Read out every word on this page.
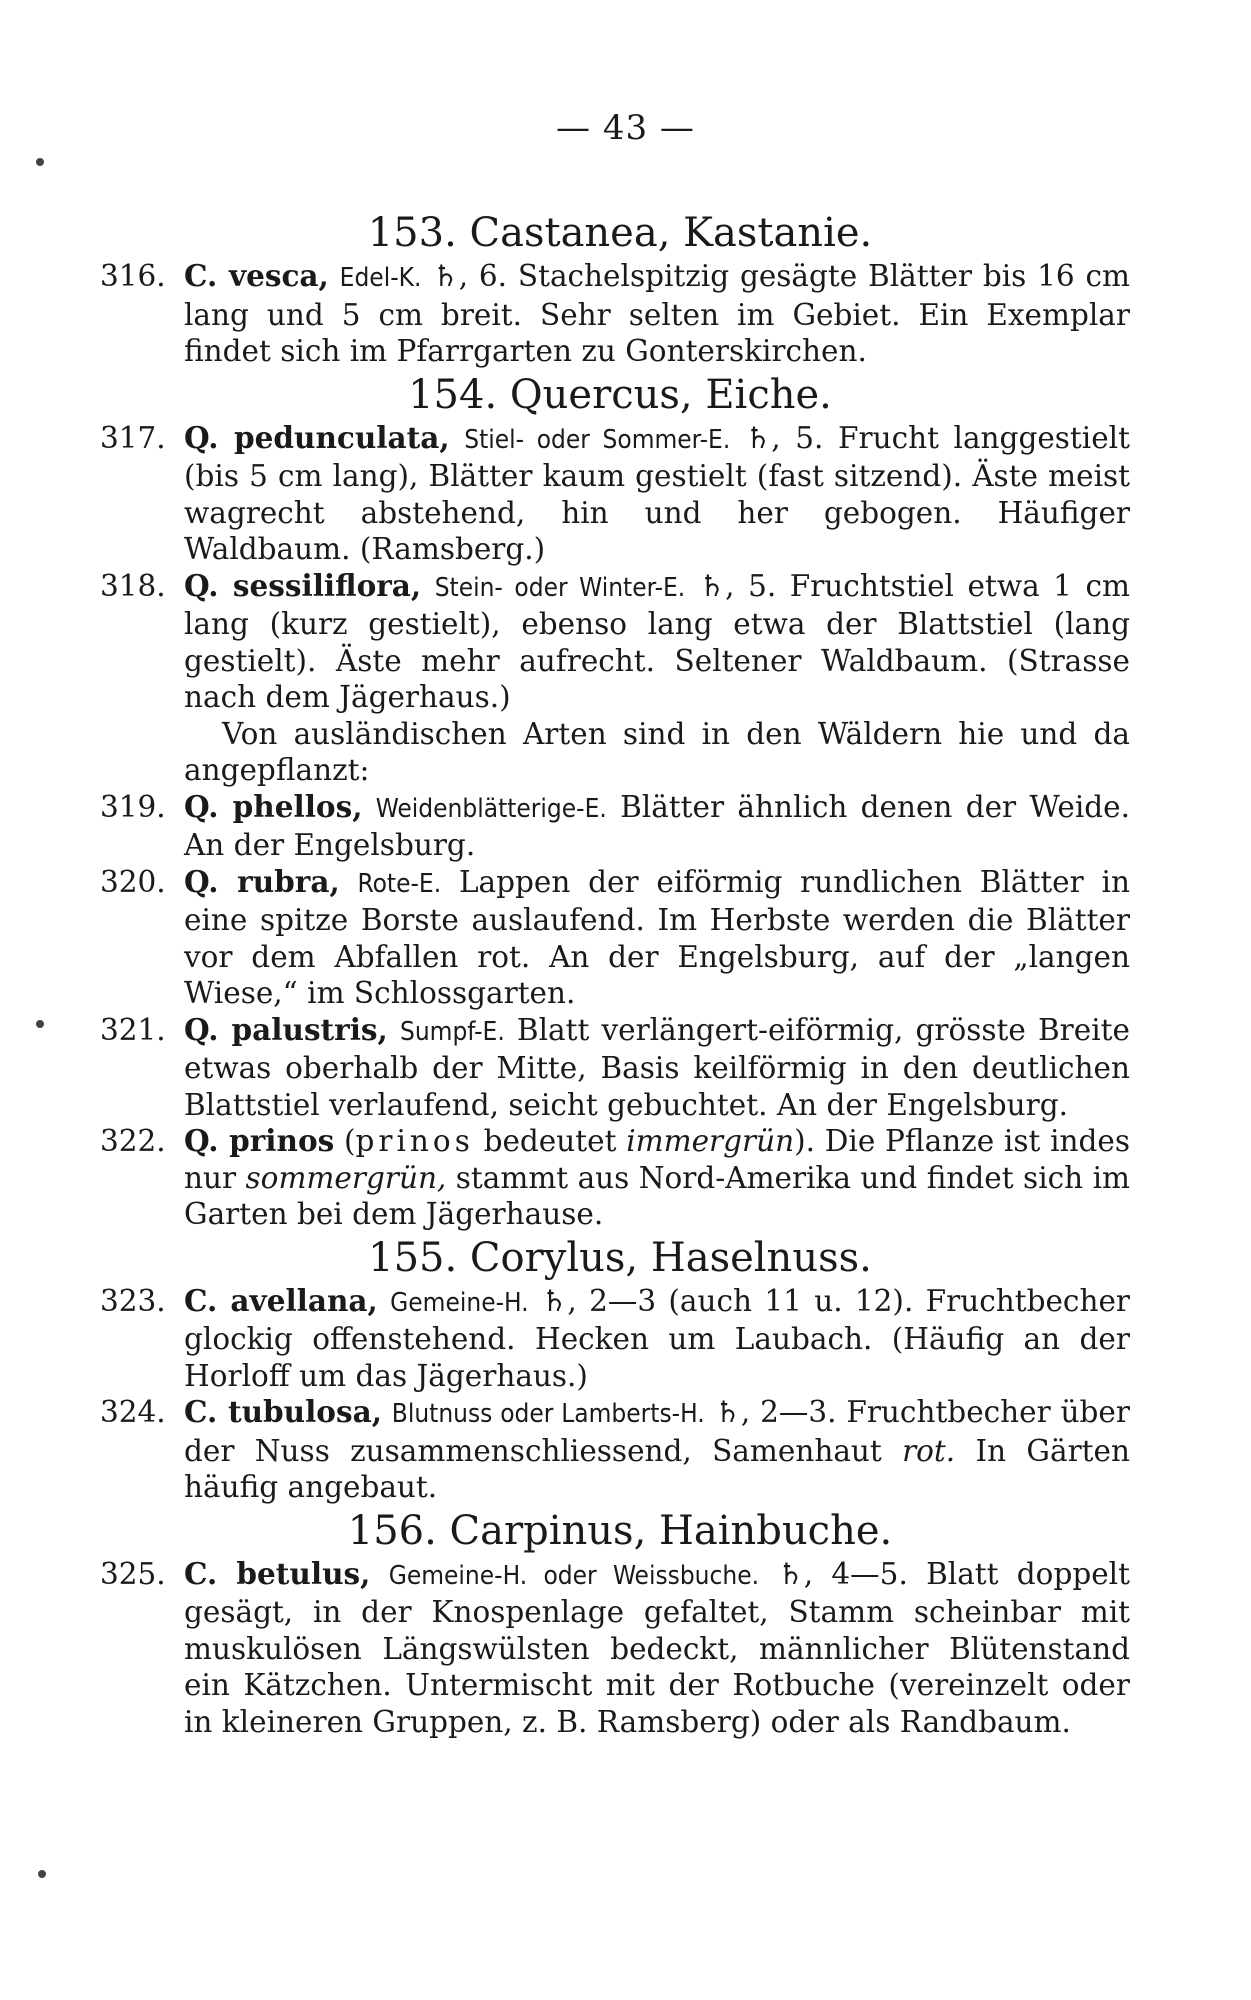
— 43 —
153. Castanea, Kastanie.
316. C. vesca, Edel-K. ♄, 6. Stachelspitzig gesägte Blätter bis 16 cm lang und 5 cm breit. Sehr selten im Gebiet. Ein Exemplar findet sich im Pfarrgarten zu Gonterskirchen.

154. Quercus, Eiche.
317. Q. pedunculata, Stiel- oder Sommer-E. ♄, 5. Frucht langgestielt (bis 5 cm lang), Blätter kaum gestielt (fast sitzend). Äste meist wagrecht abstehend, hin und her gebogen. Häufiger Waldbaum. (Ramsberg.)

318. Q. sessiliflora, Stein- oder Winter-E. ♄, 5. Fruchtstiel etwa 1 cm lang (kurz gestielt), ebenso lang etwa der Blattstiel (lang gestielt). Äste mehr aufrecht. Seltener Waldbaum. (Strasse nach dem Jägerhaus.)

Von ausländischen Arten sind in den Wäldern hie und da angepflanzt:
319. Q. phellos, Weidenblätterige-E. Blätter ähnlich denen der Weide. An der Engelsburg.

320. Q. rubra, Rote-E. Lappen der eiförmig rundlichen Blätter in eine spitze Borste auslaufend. Im Herbste werden die Blätter vor dem Abfallen rot. An der Engelsburg, auf der „langen Wiese,“ im Schlossgarten.

321. Q. palustris, Sumpf-E. Blatt verlängert-eiförmig, grösste Breite etwas oberhalb der Mitte, Basis keilförmig in den deutlichen Blattstiel verlaufend, seicht gebuchtet. An der Engelsburg.

322. Q. prinos (prinos bedeutet immergrün). Die Pflanze ist indes nur sommergrün, stammt aus Nord-Amerika und findet sich im Garten bei dem Jägerhause.

155. Corylus, Haselnuss.
323. C. avellana, Gemeine-H. ♄, 2—3 (auch 11 u. 12). Fruchtbecher glockig offenstehend. Hecken um Laubach. (Häufig an der Horloff um das Jägerhaus.)

324. C. tubulosa, Blutnuss oder Lamberts-H. ♄, 2—3. Fruchtbecher über der Nuss zusammenschliessend, Samenhaut rot. In Gärten häufig angebaut.

156. Carpinus, Hainbuche.
325. C. betulus, Gemeine-H. oder Weissbuche. ♄, 4—5. Blatt doppelt gesägt, in der Knospenlage gefaltet, Stamm scheinbar mit muskulösen Längswülsten bedeckt, männlicher Blütenstand ein Kätzchen. Untermischt mit der Rotbuche (vereinzelt oder in kleineren Gruppen, z. B. Ramsberg) oder als Randbaum.
